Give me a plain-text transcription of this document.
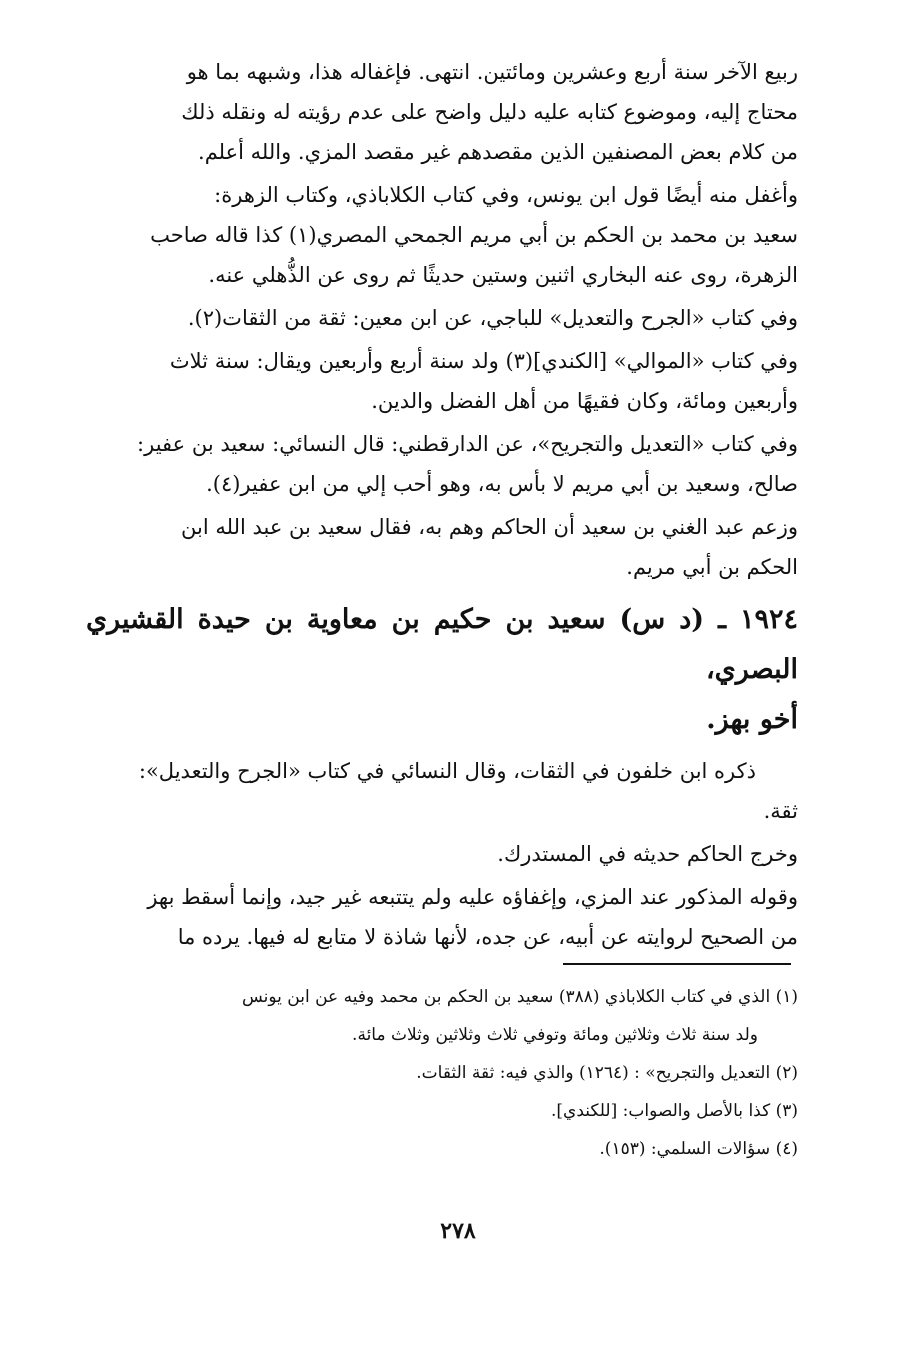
ربيع الآخر سنة أربع وعشرين ومائتين. انتهى. فإغفاله هذا، وشبهه بما هو
محتاج إليه، وموضوع كتابه عليه دليل واضح على عدم رؤيته له ونقله ذلك
من كلام بعض المصنفين الذين مقصدهم غير مقصد المزي. والله أعلم.

وأغفل منه أيضًا قول ابن يونس، وفي كتاب الكلاباذي، وكتاب الزهرة:
سعيد بن محمد بن الحكم بن أبي مريم الجمحي المصري(١) كذا قاله صاحب
الزهرة، روى عنه البخاري اثنين وستين حديثًا ثم روى عن الذُّهلي عنه.

وفي كتاب «الجرح والتعديل» للباجي، عن ابن معين: ثقة من الثقات(٢).

وفي كتاب «الموالي» [الكندي](٣) ولد سنة أربع وأربعين ويقال: سنة ثلاث
وأربعين ومائة، وكان فقيهًا من أهل الفضل والدين.

وفي كتاب «التعديل والتجريح»، عن الدارقطني: قال النسائي: سعيد بن عفير:
صالح، وسعيد بن أبي مريم لا بأس به، وهو أحب إلي من ابن عفير(٤).

وزعم عبد الغني بن سعيد أن الحاكم وهم به، فقال سعيد بن عبد الله ابن
الحكم بن أبي مريم.

١٩٢٤ ـ (د س) سعيد بن حكيم بن معاوية بن حيدة القشيري البصري،
أخو بهز.

ذكره ابن خلفون في الثقات، وقال النسائي في كتاب «الجرح والتعديل»:
ثقة.

وخرج الحاكم حديثه في المستدرك.

وقوله المذكور عند المزي، وإغفاؤه عليه ولم يتتبعه غير جيد، وإنما أسقط بهز
من الصحيح لروايته عن أبيه، عن جده، لأنها شاذة لا متابع له فيها. يرده ما

(١) الذي في كتاب الكلاباذي (٣٨٨) سعيد بن الحكم بن محمد وفيه عن ابن يونس

ولد سنة ثلاث وثلاثين ومائة وتوفي ثلاث وثلاثين وثلاث مائة.

(٢) التعديل والتجريح» : (١٢٦٤) والذي فيه: ثقة الثقات.

(٣) كذا بالأصل والصواب: [للكندي].

(٤) سؤالات السلمي: (١٥٣).

٢٧٨
